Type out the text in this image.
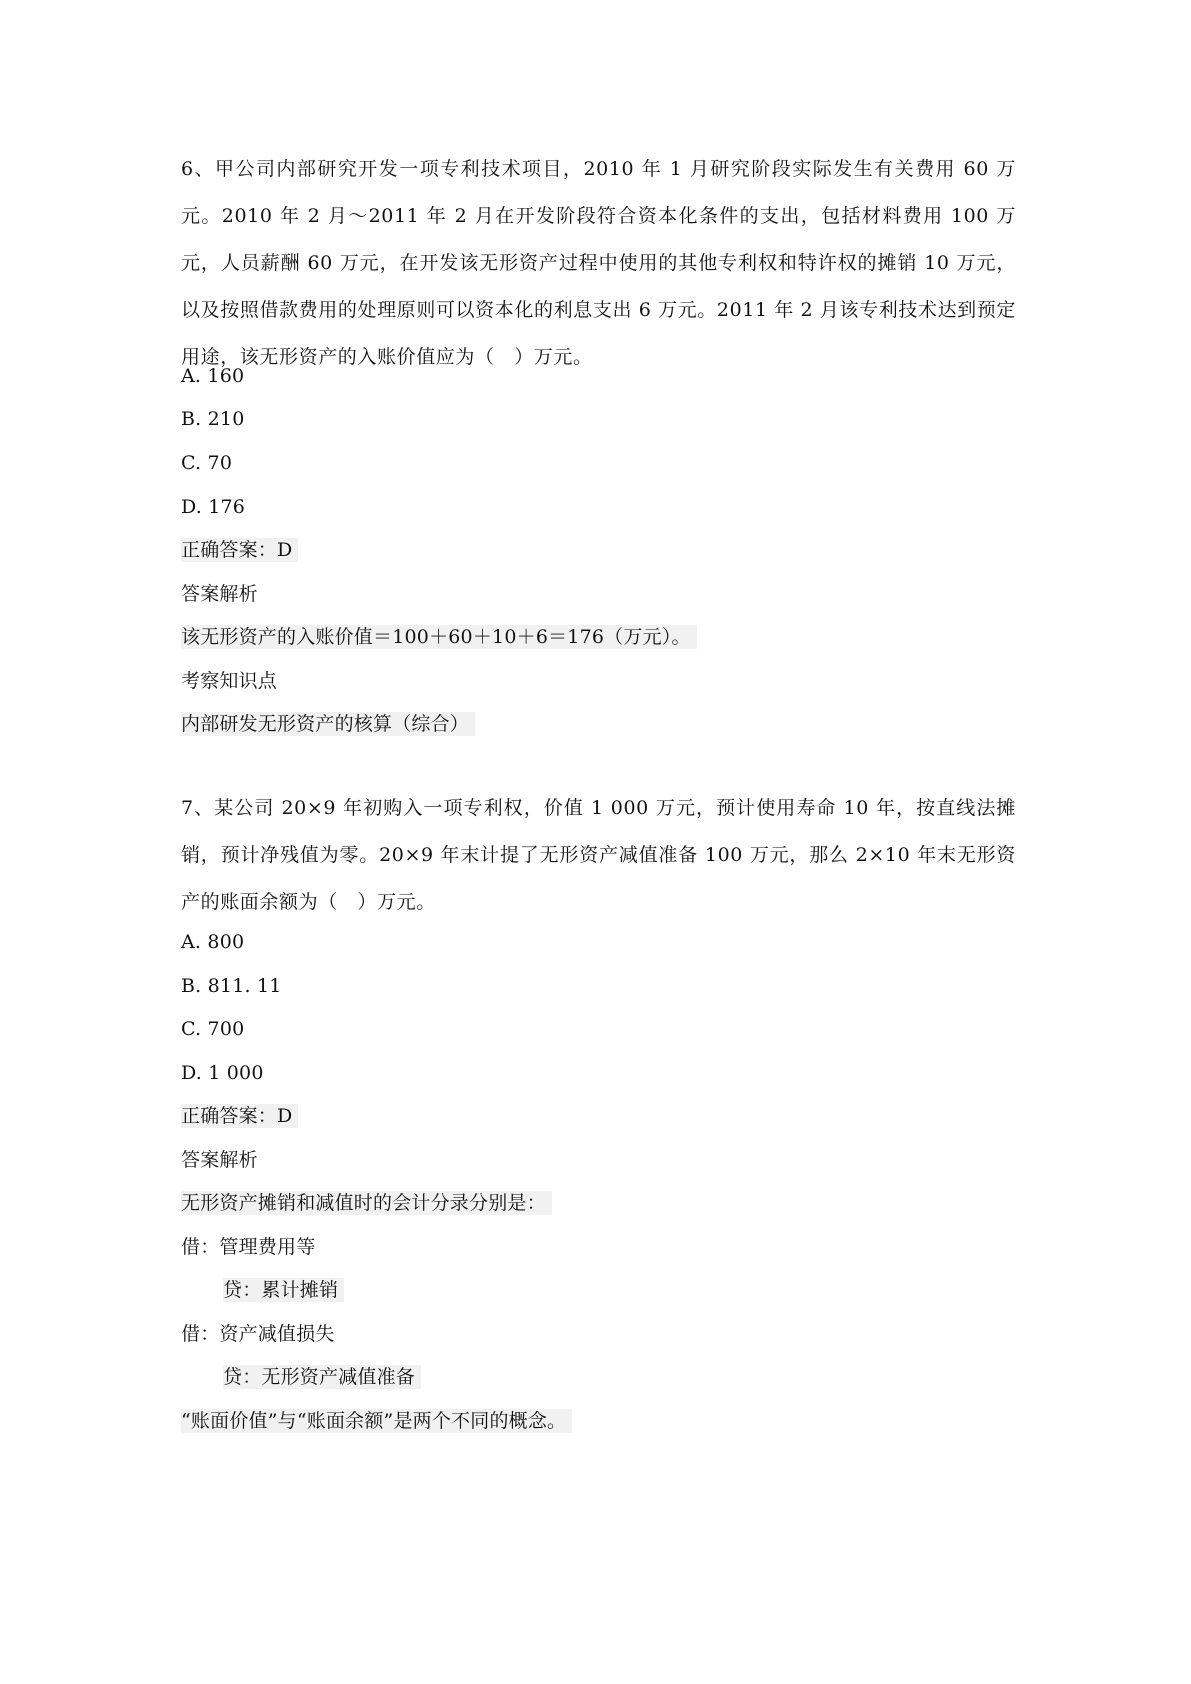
6、甲公司内部研究开发一项专利技术项目，2010 年 1 月研究阶段实际发生有关费用 60 万元。2010 年 2 月～2011 年 2 月在开发阶段符合资本化条件的支出，包括材料费用 100 万元，人员薪酬 60 万元，在开发该无形资产过程中使用的其他专利权和特许权的摊销 10 万元，以及按照借款费用的处理原则可以资本化的利息支出 6 万元。2011 年 2 月该专利技术达到预定用途，该无形资产的入账价值应为（　）万元。
A. 160
B. 210
C. 70
D. 176
正确答案：D
答案解析
该无形资产的入账价值＝100＋60＋10＋6＝176（万元）。
考察知识点
内部研发无形资产的核算（综合）
7、某公司 20×9 年初购入一项专利权，价值 1 000 万元，预计使用寿命 10 年，按直线法摊销，预计净残值为零。20×9 年末计提了无形资产减值准备 100 万元，那么 2×10 年末无形资产的账面余额为（　）万元。
A. 800
B. 811. 11
C. 700
D. 1 000
正确答案：D
答案解析
无形资产摊销和减值时的会计分录分别是：
借：管理费用等
贷：累计摊销
借：资产减值损失
贷：无形资产减值准备
“账面价值”与“账面余额”是两个不同的概念。
